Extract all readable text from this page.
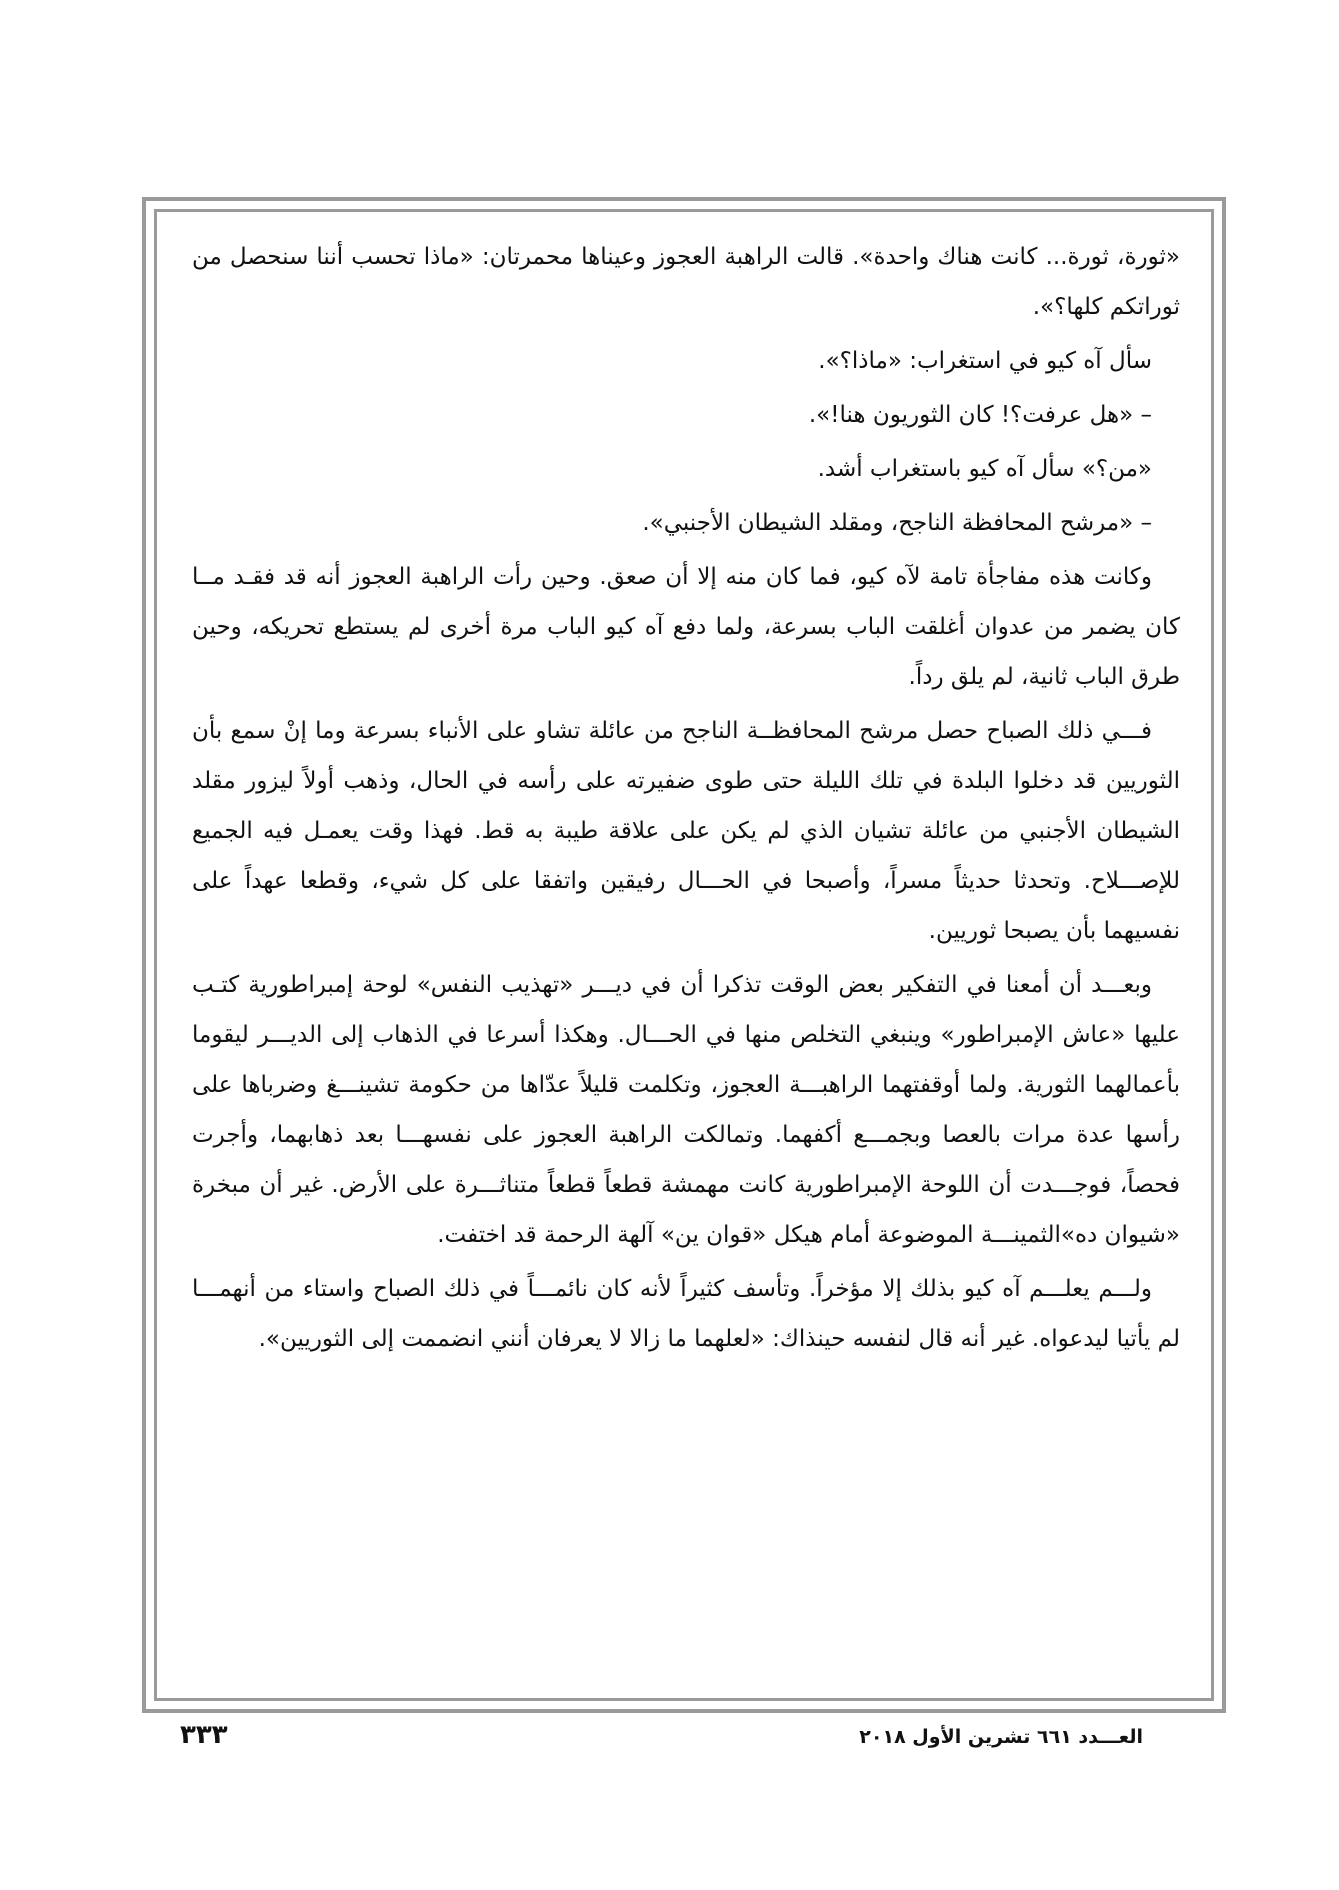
«ثورة، ثورة... كانت هناك واحدة». قالت الراهبة العجوز وعيناها محمرتان: «ماذا تحسب أننا سنحصل من ثوراتكم كلها؟».

سأل آه كيو في استغراب: «ماذا؟».

– «هل عرفت؟! كان الثوريون هنا!».

«من؟» سأل آه كيو باستغراب أشد.

– «مرشح المحافظة الناجح، ومقلد الشيطان الأجنبي».

وكانت هذه مفاجأة تامة لآه كيو، فما كان منه إلا أن صعق. وحين رأت الراهبة العجوز أنه قد فقـد مــا كان يضمر من عدوان أغلقت الباب بسرعة، ولما دفع آه كيو الباب مرة أخرى لم يستطع تحريكه، وحين طرق الباب ثانية، لم يلق رداً.

فـــي ذلك الصباح حصل مرشح المحافظــة الناجح من عائلة تشاو على الأنباء بسرعة وما إنْ سمع بأن الثوريين قد دخلوا البلدة في تلك الليلة حتى طوى ضفيرته على رأسه في الحال، وذهب أولاً ليزور مقلد الشيطان الأجنبي من عائلة تشيان الذي لم يكن على علاقة طيبة به قط. فهذا وقت يعمـل فيه الجميع للإصـــلاح. وتحدثا حديثاً مسراً، وأصبحا في الحـــال رفيقين واتفقا على كل شيء، وقطعا عهداً على نفسيهما بأن يصبحا ثوريين.

وبعـــد أن أمعنا في التفكير بعض الوقت تذكرا أن في ديـــر «تهذيب النفس» لوحة إمبراطورية كتـب عليها «عاش الإمبراطور» وينبغي التخلص منها في الحـــال. وهكذا أسرعا في الذهاب إلى الديـــر ليقوما بأعمالهما الثورية. ولما أوقفتهما الراهبـــة العجوز، وتكلمت قليلاً عدّاها من حكومة تشينـــغ وضرباها على رأسها عدة مرات بالعصا وبجمـــع أكفهما. وتمالكت الراهبة العجوز على نفسهـــا بعد ذهابهما، وأجرت فحصاً، فوجـــدت أن اللوحة الإمبراطورية كانت مهمشة قطعاً قطعاً متناثـــرة على الأرض. غير أن مبخرة «شيوان ده»الثمينـــة الموضوعة أمام هيكل «قوان ين» آلهة الرحمة قد اختفت.

ولـــم يعلـــم آه كيو بذلك إلا مؤخراً. وتأسف كثيراً لأنه كان نائمـــاً في ذلك الصباح واستاء من أنهمـــا لم يأتيا ليدعواه. غير أنه قال لنفسه حينذاك: «لعلهما ما زالا لا يعرفان أنني انضممت إلى الثوريين».

٣٣٣	العـــدد ٦٦١ تشرين الأول ٢٠١٨
